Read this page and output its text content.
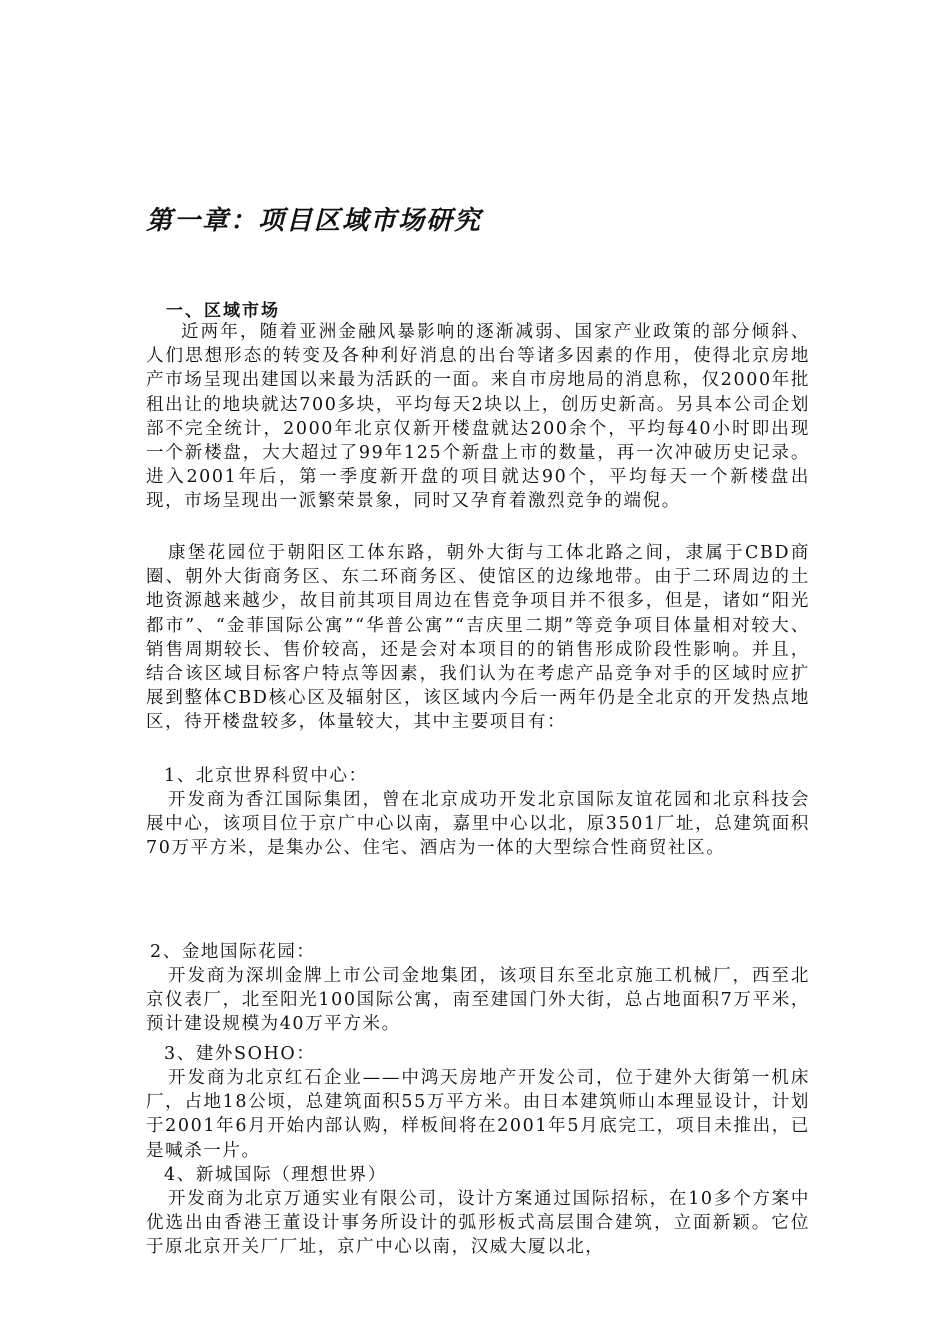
第一章：项目区域市场研究
一、区域市场

近两年，随着亚洲金融风暴影响的逐渐减弱、国家产业政策的部分倾斜、人们思想形态的转变及各种利好消息的出台等诸多因素的作用，使得北京房地产市场呈现出建国以来最为活跃的一面。来自市房地局的消息称，仅2000年批租出让的地块就达700多块，平均每天2块以上，创历史新高。另具本公司企划部不完全统计，2000年北京仅新开楼盘就达200余个，平均每40小时即出现一个新楼盘，大大超过了99年125个新盘上市的数量，再一次冲破历史记录。进入2001年后，第一季度新开盘的项目就达90个，平均每天一个新楼盘出现，市场呈现出一派繁荣景象，同时又孕育着激烈竞争的端倪。

康堡花园位于朝阳区工体东路，朝外大街与工体北路之间，隶属于CBD商圈、朝外大街商务区、东二环商务区、使馆区的边缘地带。由于二环周边的土地资源越来越少，故目前其项目周边在售竞争项目并不很多，但是，诸如“阳光都市”、“金菲国际公寓”“华普公寓”“吉庆里二期”等竞争项目体量相对较大、销售周期较长、售价较高，还是会对本项目的的销售形成阶段性影响。并且，结合该区域目标客户特点等因素，我们认为在考虑产品竞争对手的区域时应扩展到整体CBD核心区及辐射区，该区域内今后一两年仍是全北京的开发热点地区，待开楼盘较多，体量较大，其中主要项目有：

1、北京世界科贸中心：

开发商为香江国际集团，曾在北京成功开发北京国际友谊花园和北京科技会展中心，该项目位于京广中心以南，嘉里中心以北，原3501厂址，总建筑面积70万平方米，是集办公、住宅、酒店为一体的大型综合性商贸社区。

2、金地国际花园：

开发商为深圳金牌上市公司金地集团，该项目东至北京施工机械厂，西至北京仪表厂，北至阳光100国际公寓，南至建国门外大街，总占地面积7万平米，预计建设规模为40万平方米。

3、建外SOHO：

开发商为北京红石企业——中鸿天房地产开发公司，位于建外大街第一机床厂，占地18公顷，总建筑面积55万平方米。由日本建筑师山本理显设计，计划于2001年6月开始内部认购，样板间将在2001年5月底完工，项目未推出，已是喊杀一片。

4、新城国际（理想世界）

开发商为北京万通实业有限公司，设计方案通过国际招标，在10多个方案中优选出由香港王董设计事务所设计的弧形板式高层围合建筑，立面新颖。它位于原北京开关厂厂址，京广中心以南，汉威大厦以北，
